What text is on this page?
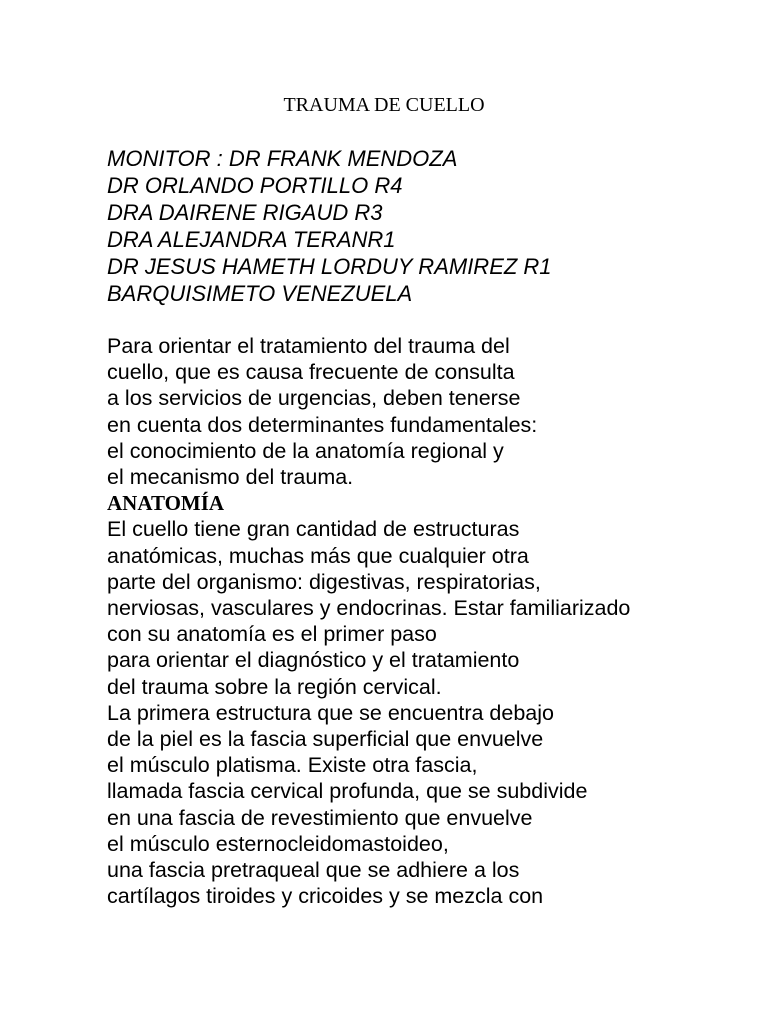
TRAUMA DE CUELLO
MONITOR : DR FRANK MENDOZA
DR ORLANDO PORTILLO R4
DRA DAIRENE RIGAUD R3
DRA ALEJANDRA TERANR1
DR JESUS HAMETH LORDUY RAMIREZ R1
BARQUISIMETO VENEZUELA
Para orientar el tratamiento del trauma del
cuello, que es causa frecuente de consulta
a los servicios de urgencias, deben tenerse
en cuenta dos determinantes fundamentales:
el conocimiento de la anatomía regional y
el mecanismo del trauma.
ANATOMÍA
El cuello tiene gran cantidad de estructuras
anatómicas, muchas más que cualquier otra
parte del organismo: digestivas, respiratorias,
nerviosas, vasculares y endocrinas. Estar familiarizado
con su anatomía es el primer paso
para orientar el diagnóstico y el tratamiento
del trauma sobre la región cervical.
La primera estructura que se encuentra debajo
de la piel es la fascia superficial que envuelve
el músculo platisma. Existe otra fascia,
llamada fascia cervical profunda, que se subdivide
en una fascia de revestimiento que envuelve
el músculo esternocleidomastoideo,
una fascia pretraqueal que se adhiere a los
cartílagos tiroides y cricoides y se mezcla con
